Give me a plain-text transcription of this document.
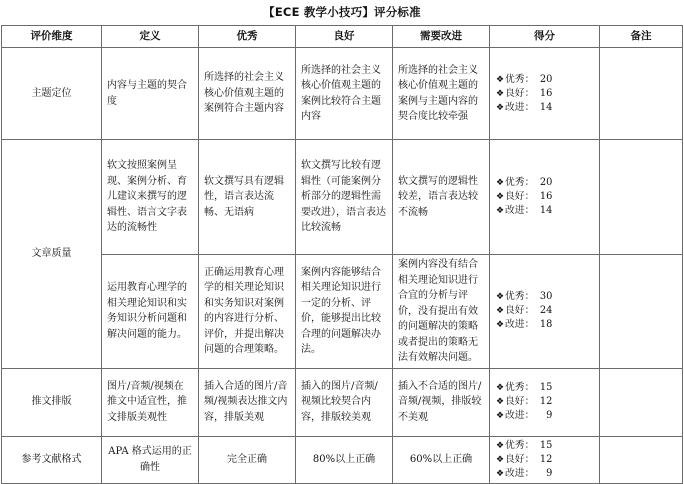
【ECE 教学小技巧】评分标准
评价维度	定义	优秀	良好	需要改进	得分	备注
主题定位	内容与主题的契合度	所选择的社会主义核心价值观主题的案例符合主题内容	所选择的社会主义核心价值观主题的案例比较符合主题内容	所选择的社会主义核心价值观主题的案例与主题内容的契合度比较牵强	❖优秀： 20
❖良好： 16
❖改进： 14	

文章质量	软文按照案例呈现、案例分析、育儿建议来撰写的逻辑性、语言文字表达的流畅性	软文撰写具有逻辑性，语言表达流畅、无语病	软文撰写比较有逻辑性（可能案例分析部分的逻辑性需要改进），语言表达比较流畅	软文撰写的逻辑性较差，语言表达较不流畅	❖优秀： 20
❖良好： 16
❖改进： 14	

	运用教育心理学的相关理论知识和实务知识分析问题和解决问题的能力。	正确运用教育心理学的相关理论知识和实务知识对案例的内容进行分析、评价，并提出解决问题的合理策略。	案例内容能够结合相关理论知识进行一定的分析、评价，能够提出比较合理的问题解决办法。	案例内容没有结合相关理论知识进行合宜的分析与评价，没有提出有效的问题解决的策略或者提出的策略无法有效解决问题。	❖优秀： 30
❖良好： 24
❖改进： 18	

推文排版	图片/音频/视频在推文中适宜性，推文排版美观性	插入合适的图片/音频/视频表达推文内容，排版美观	插入的图片/音频/视频比较契合内容，排版较美观	插入不合适的图片/音频/视频，排版较不美观	❖优秀： 15
❖良好： 12
❖改进： 9	

参考文献格式	APA 格式运用的正确性	完全正确	80%以上正确	60%以上正确	❖优秀： 15
❖良好： 12
❖改进： 9	
